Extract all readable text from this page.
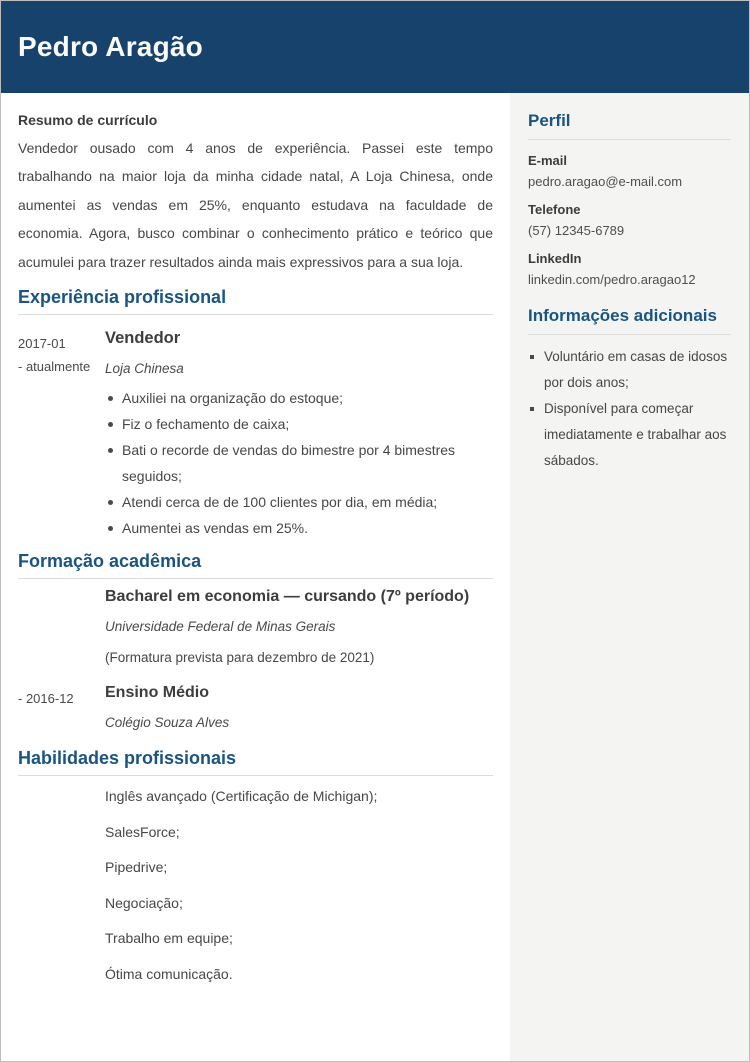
Pedro Aragão
Resumo de currículo

Vendedor ousado com 4 anos de experiência. Passei este tempo trabalhando na maior loja da minha cidade natal, A Loja Chinesa, onde aumentei as vendas em 25%, enquanto estudava na faculdade de economia. Agora, busco combinar o conhecimento prático e teórico que acumulei para trazer resultados ainda mais expressivos para a sua loja.

Experiência profissional
2017-01
- atualmente
Vendedor
Loja Chinesa
Auxiliei na organização do estoque;
Fiz o fechamento de caixa;
Bati o recorde de vendas do bimestre por 4 bimestres seguidos;
Atendi cerca de de 100 clientes por dia, em média;
Aumentei as vendas em 25%.
Formação acadêmica
Bacharel em economia — cursando (7º período)
Universidade Federal de Minas Gerais
(Formatura prevista para dezembro de 2021)
- 2016-12	Ensino Médio
Colégio Souza Alves
Habilidades profissionais
Inglês avançado (Certificação de Michigan);
SalesForce;
Pipedrive;
Negociação;
Trabalho em equipe;
Ótima comunicação.
Perfil
E-mail
pedro.aragao@e-mail.com
Telefone
(57) 12345-6789
LinkedIn
linkedin.com/pedro.aragao12
Informações adicionais
Voluntário em casas de idosos por dois anos;
Disponível para começar imediatamente e trabalhar aos sábados.
